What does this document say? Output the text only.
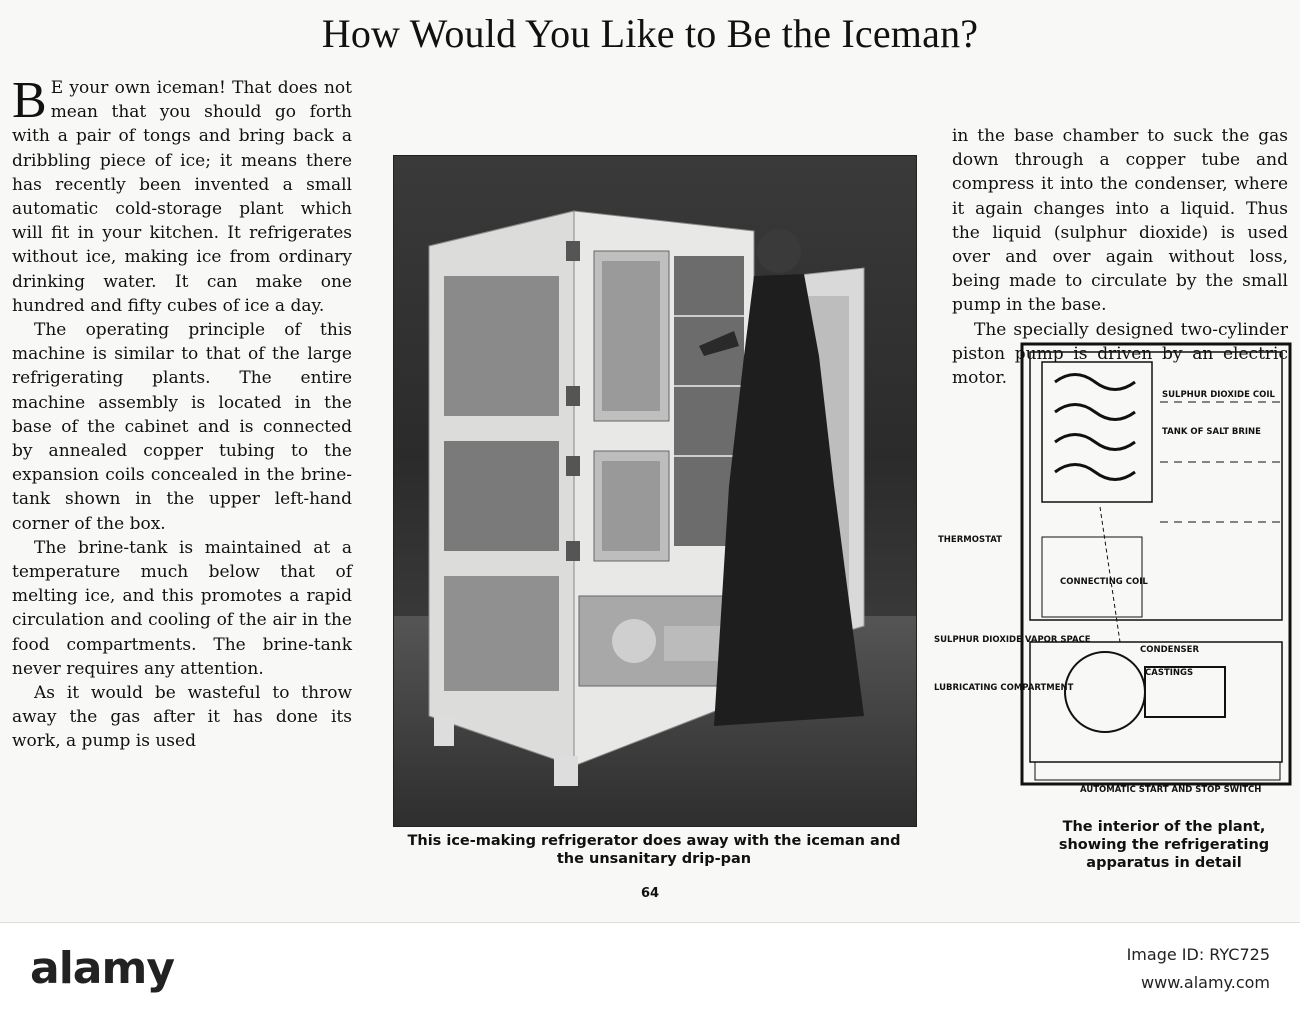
How Would You Like to Be the Iceman?

B E your own iceman! That does not mean that you should go forth with a pair of tongs and bring back a dribbling piece of ice; it means there has recently been invented a small automatic cold-storage plant which will fit in your kitchen. It refrigerates without ice, making ice from ordinary drinking water. It can make one hundred and fifty cubes of ice a day.

The operating principle of this machine is similar to that of the large refrigerating plants. The entire machine assembly is located in the base of the cabinet and is connected by annealed copper tubing to the expansion coils concealed in the brine-tank shown in the upper left-hand corner of the box.

The brine-tank is maintained at a temperature much below that of melting ice, and this promotes a rapid circulation and cooling of the air in the food compartments. The brine-tank never requires any attention.

As it would be wasteful to throw away the gas after it has done its work, a pump is used

in the base chamber to suck the gas down through a copper tube and compress it into the condenser, where it again changes into a liquid. Thus the liquid (sulphur dioxide) is used over and over again without loss, being made to circulate by the small pump in the base.

The specially designed two-cylinder piston pump is driven by an electric motor.

This ice-making refrigerator does away with the iceman and the unsanitary drip-pan
SULPHUR DIOXIDE COIL
TANK OF SALT BRINE
THERMOSTAT
CONNECTING COIL
SULPHUR DIOXIDE VAPOR SPACE
CONDENSER
CASTINGS
LUBRICATING COMPARTMENT
AUTOMATIC START AND STOP SWITCH
The interior of the plant, showing the refrigerating apparatus in detail
64
alamy	Image ID: RYC725
www.alamy.com
